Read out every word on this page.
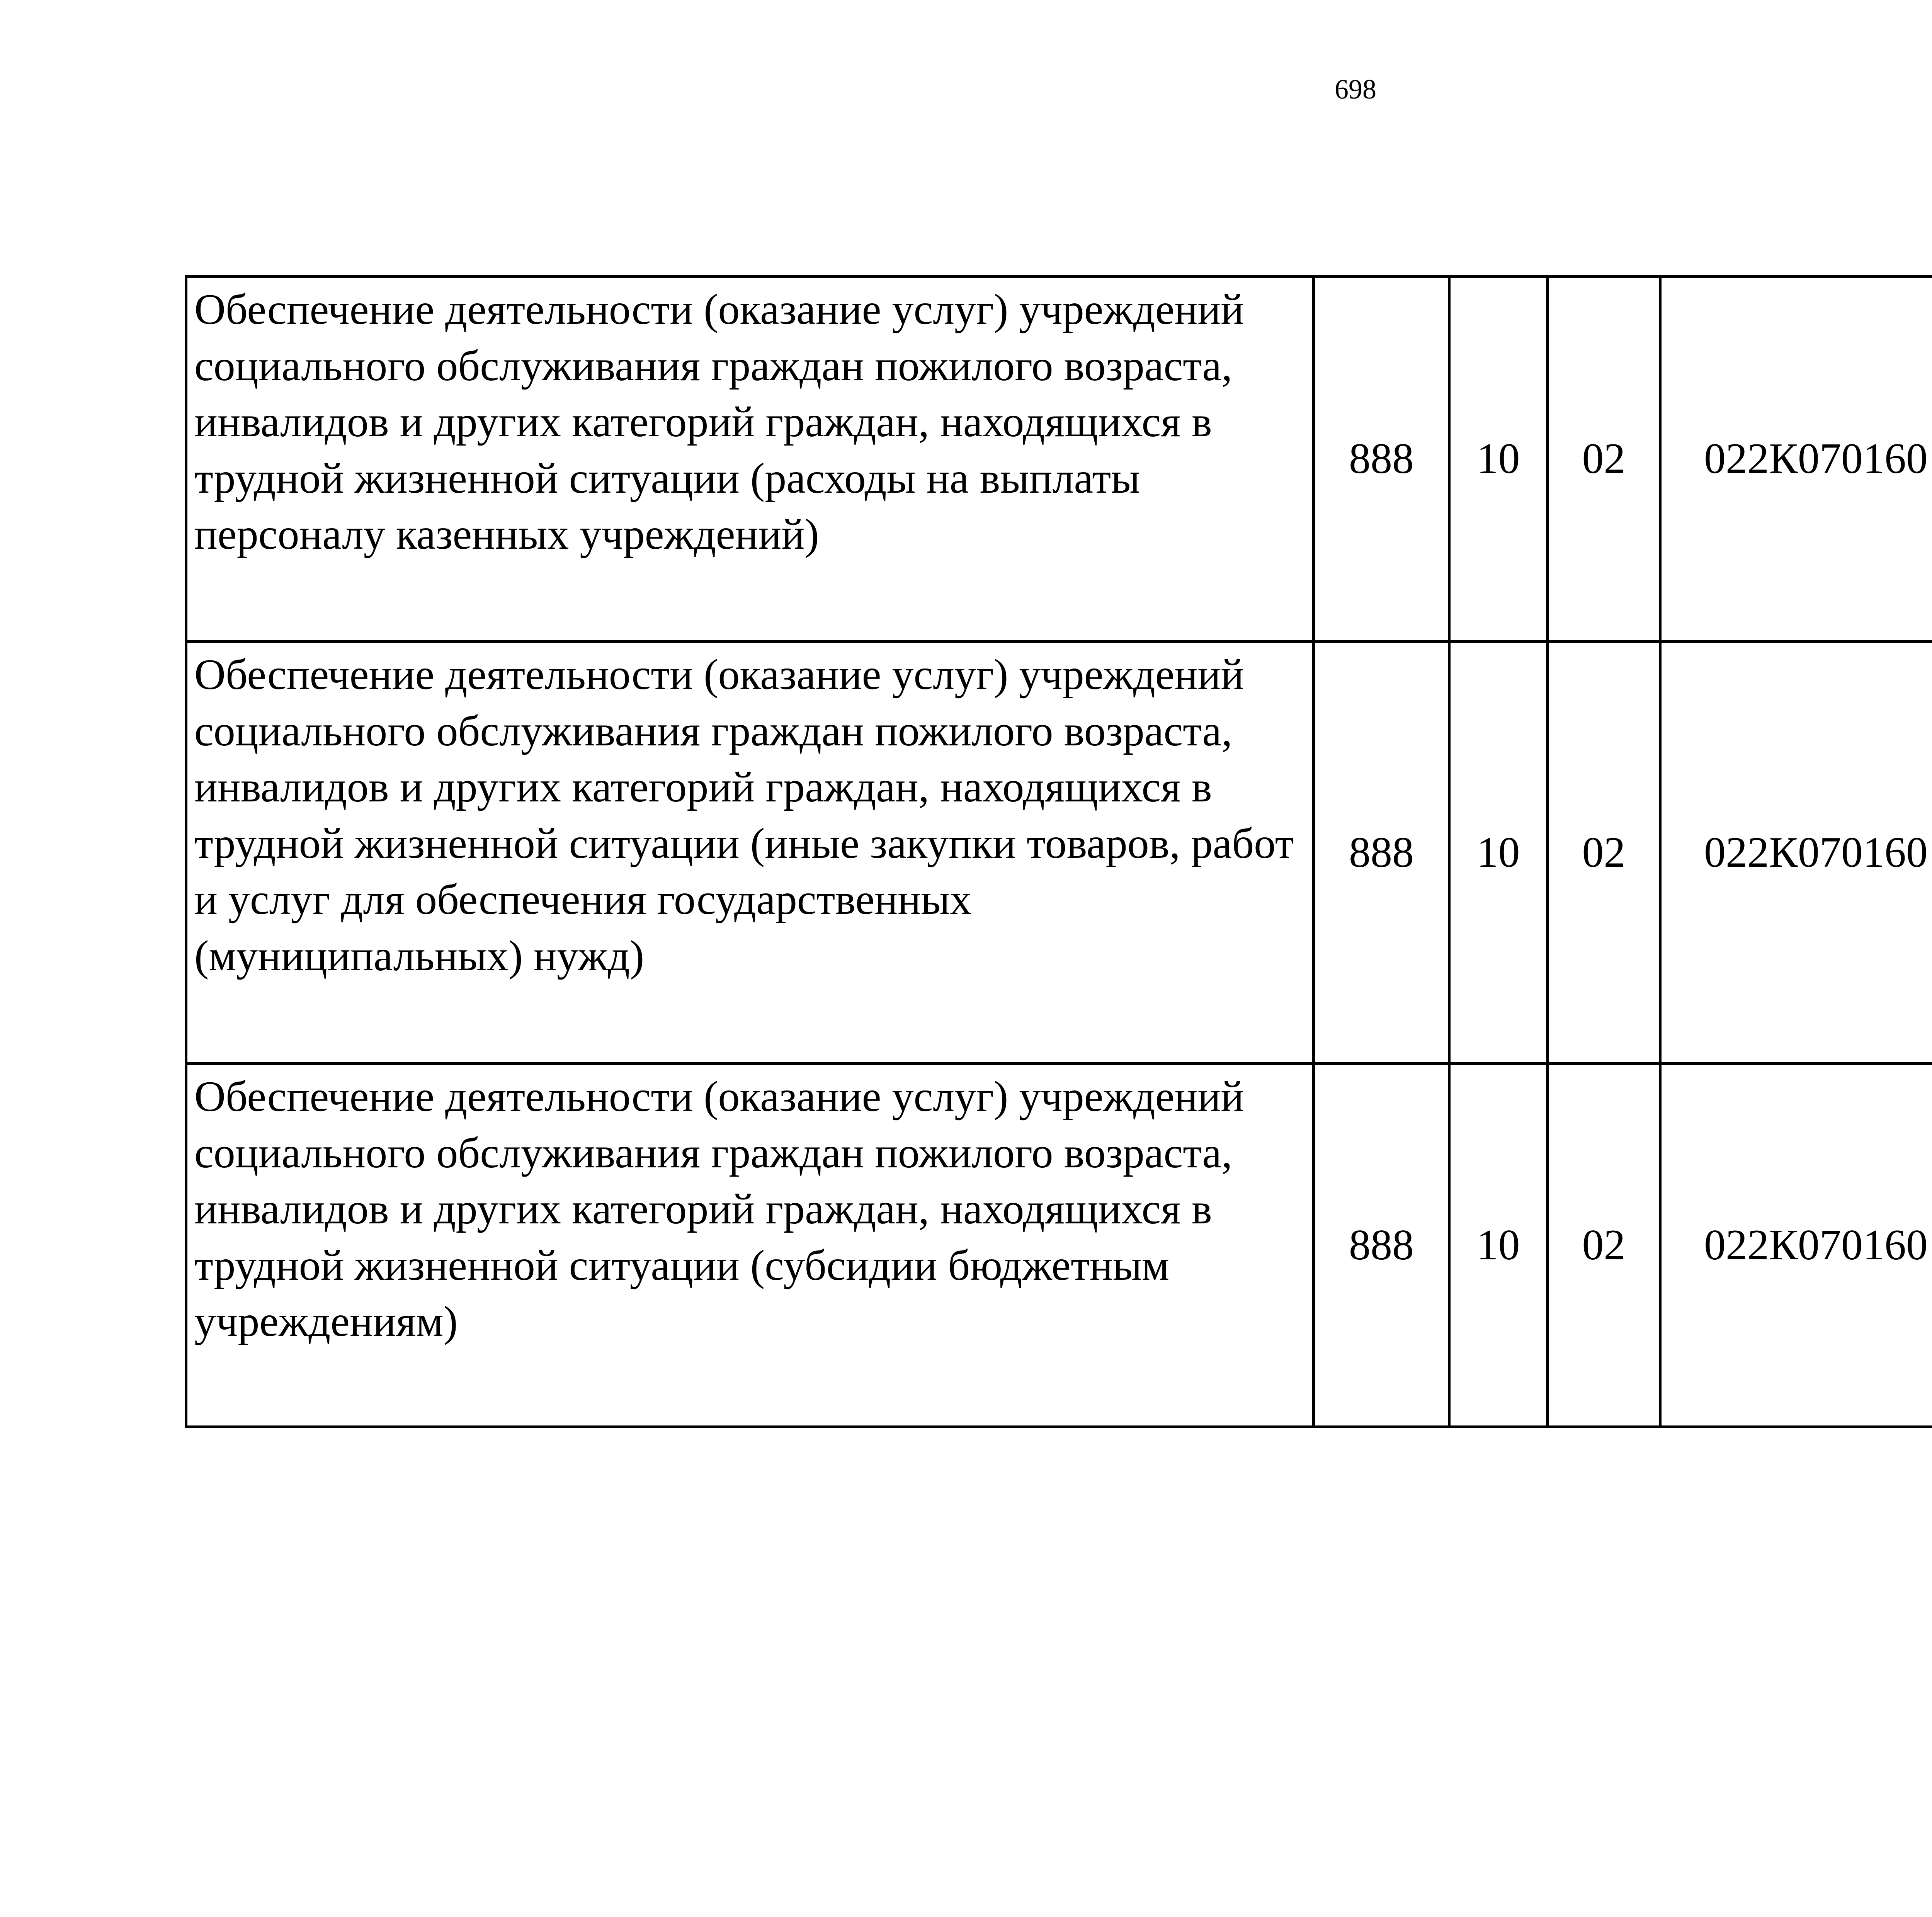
698
Обеспечение деятельности (оказание услуг) учреждений социального обслуживания граждан пожилого возраста, инвалидов и других категорий граждан, находящихся в трудной жизненной ситуации (расходы на выплаты персоналу казенных учреждений)	888	10	02	022К070160		
Обеспечение деятельности (оказание услуг) учреждений социального обслуживания граждан пожилого возраста, инвалидов и других категорий граждан, находящихся в трудной жизненной ситуации (иные закупки товаров, работ и услуг для обеспечения государственных (муниципальных) нужд)	888	10	02	022К070160		
Обеспечение деятельности (оказание услуг) учреждений социального обслуживания граждан пожилого возраста, инвалидов и других категорий граждан, находящихся в трудной жизненной ситуации (субсидии бюджетным учреждениям)	888	10	02	022К070160		
